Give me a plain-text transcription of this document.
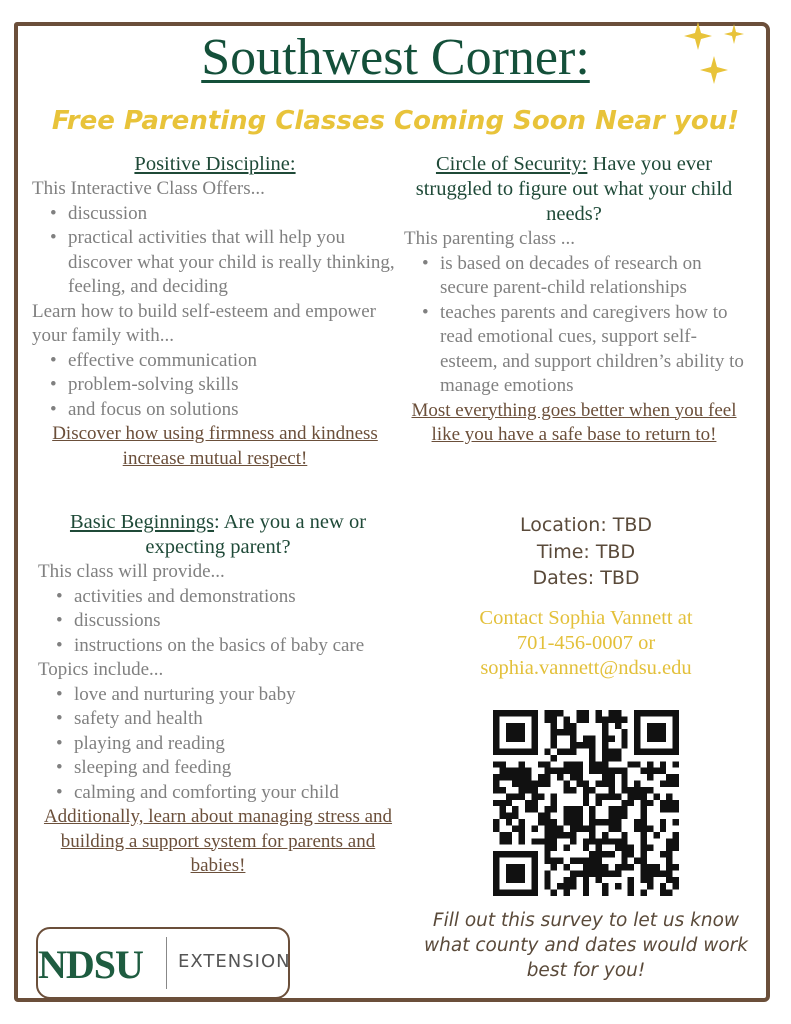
Southwest Corner:
Free Parenting Classes Coming Soon Near you!
Positive Discipline:
This Interactive Class Offers...
• discussion
• practical activities that will help you discover what your child is really thinking, feeling, and deciding
Learn how to build self-esteem and empower your family with...
• effective communication
• problem-solving skills
• and focus on solutions
Discover how using firmness and kindness increase mutual respect!
Circle of Security: Have you ever struggled to figure out what your child needs?
This parenting class ...
• is based on decades of research on secure parent-child relationships
• teaches parents and caregivers how to read emotional cues, support self-esteem, and support children’s ability to manage emotions
Most everything goes better when you feel like you have a safe base to return to!
Basic Beginnings: Are you a new or expecting parent?
This class will provide...
• activities and demonstrations
• discussions
• instructions on the basics of baby care
Topics include...
• love and nurturing your baby
• safety and health
• playing and reading
• sleeping and feeding
• calming and comforting your child
Additionally, learn about managing stress and building a support system for parents and babies!
Location: TBD
Time: TBD
Dates: TBD
Contact Sophia Vannett at
701-456-0007 or
sophia.vannett@ndsu.edu
Fill out this survey to let us know what county and dates would work best for you!
NDSU EXTENSION
